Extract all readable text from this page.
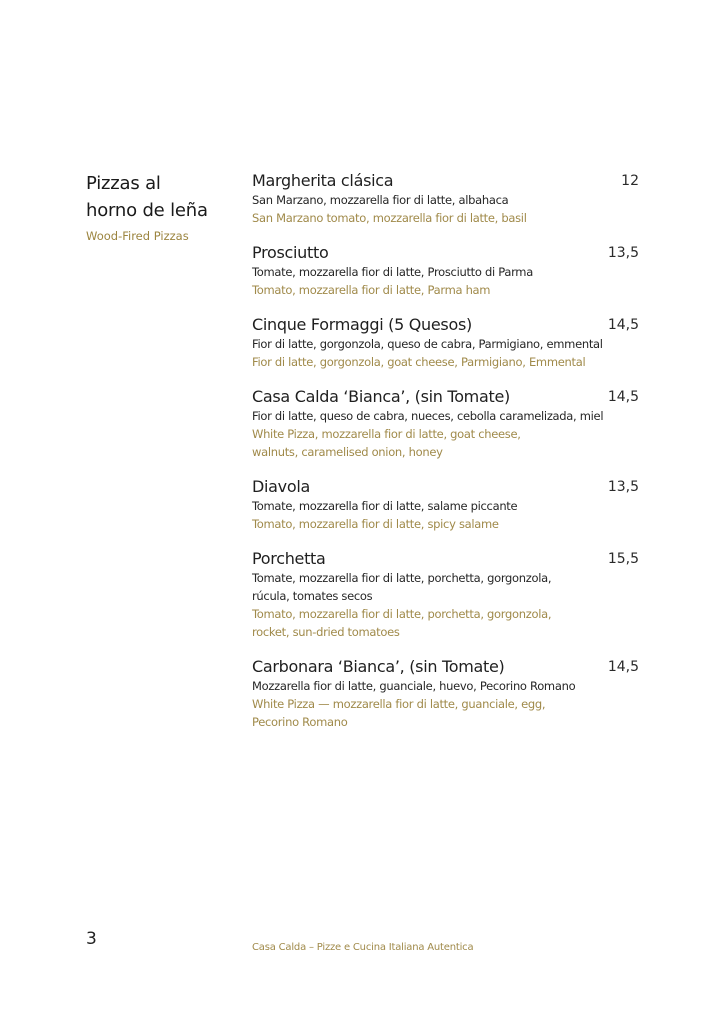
Pizzas al
horno de leña
Wood-Fired Pizzas
Margherita clásica	12
San Marzano, mozzarella fior di latte, albahaca
San Marzano tomato, mozzarella fior di latte, basil
Prosciutto	13,5
Tomate, mozzarella fior di latte, Prosciutto di Parma
Tomato, mozzarella fior di latte, Parma ham
Cinque Formaggi (5 Quesos)	14,5
Fior di latte, gorgonzola, queso de cabra, Parmigiano, emmental
Fior di latte, gorgonzola, goat cheese, Parmigiano, Emmental
Casa Calda ‘Bianca’, (sin Tomate)	14,5
Fior di latte, queso de cabra, nueces, cebolla caramelizada, miel
White Pizza, mozzarella fior di latte, goat cheese, walnuts, caramelised onion, honey
Diavola	13,5
Tomate, mozzarella fior di latte, salame piccante
Tomato, mozzarella fior di latte, spicy salame
Porchetta	15,5
Tomate, mozzarella fior di latte, porchetta, gorgonzola, rúcula, tomates secos
Tomato, mozzarella fior di latte, porchetta, gorgonzola, rocket, sun-dried tomatoes
Carbonara ‘Bianca’, (sin Tomate)	14,5
Mozzarella fior di latte, guanciale, huevo, Pecorino Romano
White Pizza — mozzarella fior di latte, guanciale, egg, Pecorino Romano
3	Casa Calda – Pizze e Cucina Italiana Autentica
